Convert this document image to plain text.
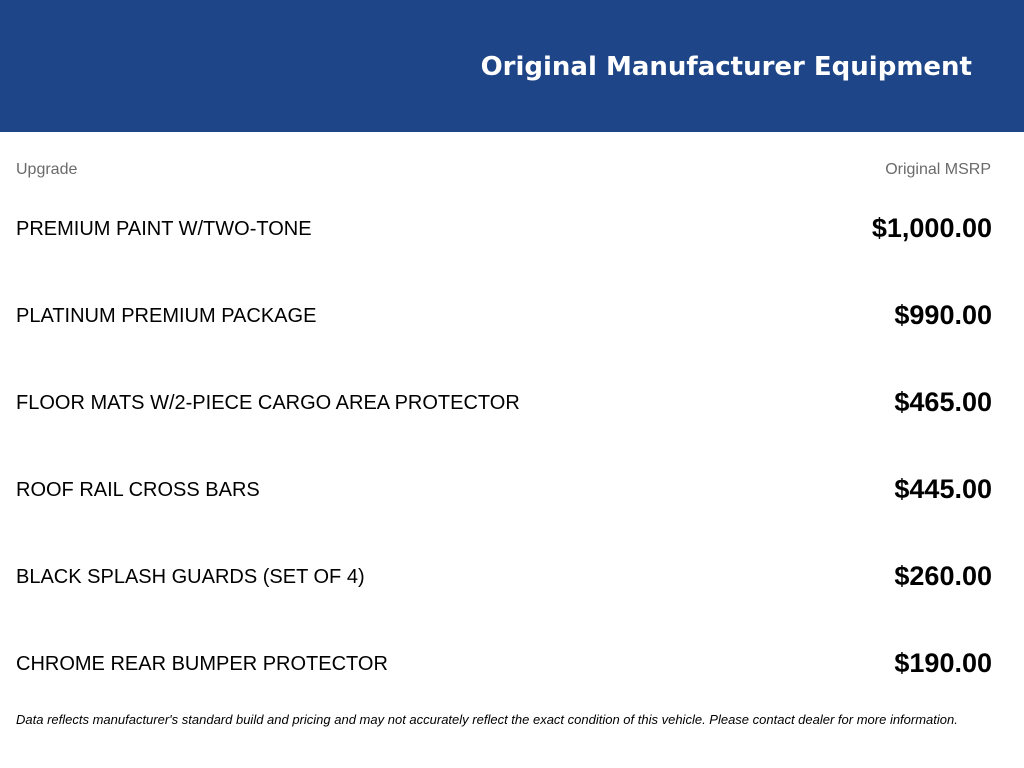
Original Manufacturer Equipment
Upgrade	Original MSRP
PREMIUM PAINT W/TWO-TONE	$1,000.00
PLATINUM PREMIUM PACKAGE	$990.00
FLOOR MATS W/2-PIECE CARGO AREA PROTECTOR	$465.00
ROOF RAIL CROSS BARS	$445.00
BLACK SPLASH GUARDS (SET OF 4)	$260.00
CHROME REAR BUMPER PROTECTOR	$190.00
Data reflects manufacturer's standard build and pricing and may not accurately reflect the exact condition of this vehicle. Please contact dealer for more information.
